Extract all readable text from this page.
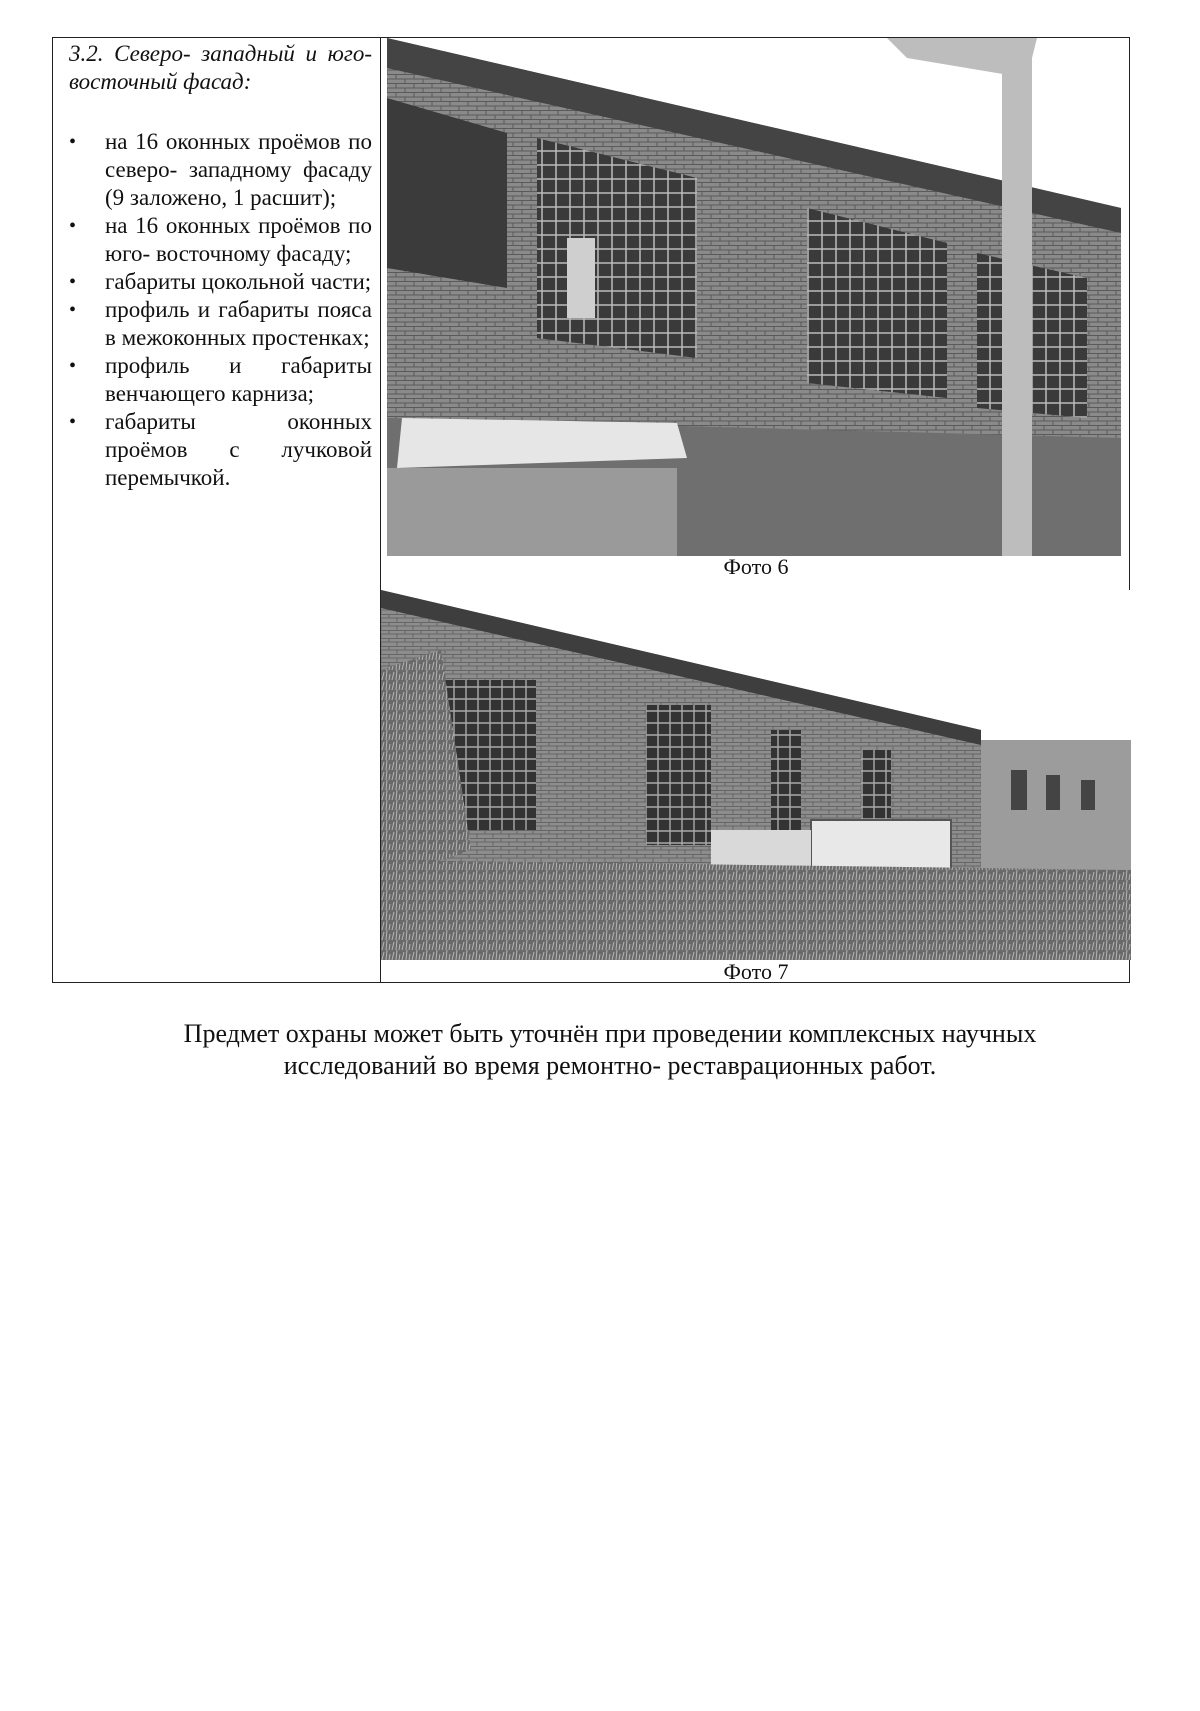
3.2. Северо- западный и юго- восточный фасад:

• на 16 оконных проёмов по северо- западному фасаду (9 заложено, 1 расшит);
• на 16 оконных проёмов по юго- восточному фасаду;
• габариты цокольной части;
• профиль и габариты пояса в межоконных простенках;
• профиль и габариты венчающего карниза;
• габариты оконных проёмов с лучковой перемычкой.
Фото 6
Фото 7

Предмет охраны может быть уточнён при проведении комплексных научных исследований во время ремонтно- реставрационных работ.
